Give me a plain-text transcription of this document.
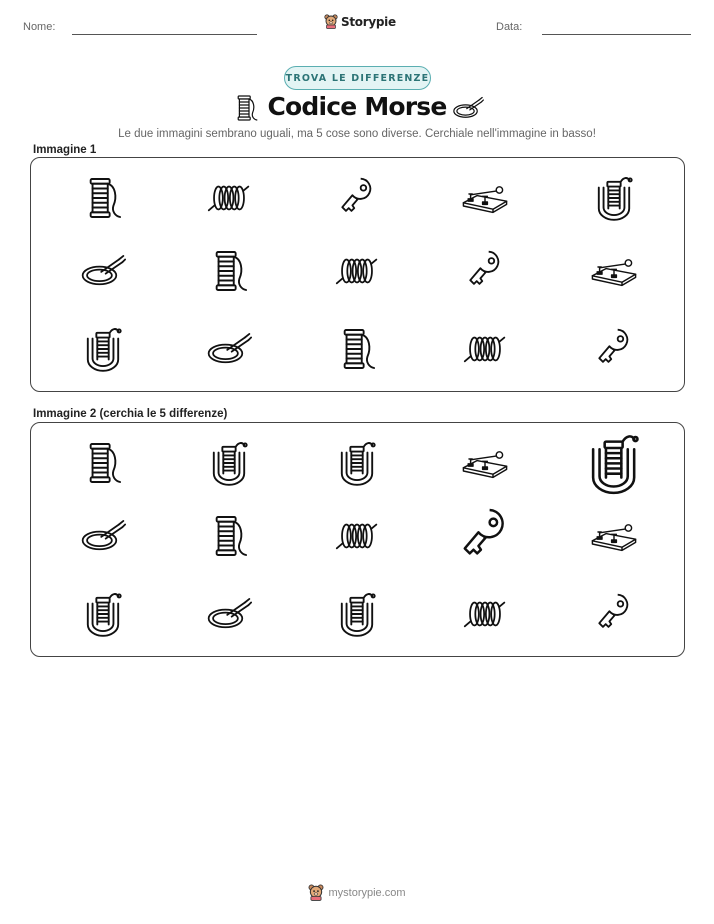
Nome:	Storypie	Data:
TROVA LE DIFFERENZE
Codice Morse
Le due immagini sembrano uguali, ma 5 cose sono diverse. Cerchiale nell'immagine in basso!
Immagine 1
Immagine 2 (cerchia le 5 differenze)
mystorypie.com
